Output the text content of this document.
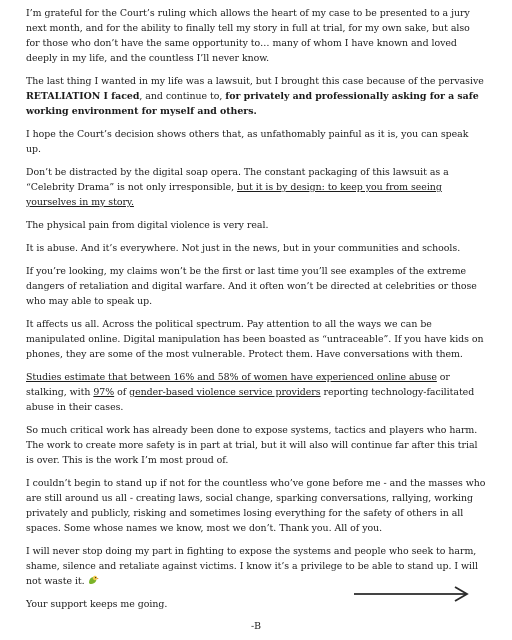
I’m grateful for the Court’s ruling which allows the heart of my case to be presented to a jury next month, and for the ability to finally tell my story in full at trial, for my own sake, but also for those who don’t have the same opportunity to… many of whom I have known and loved deeply in my life, and the countless I’ll never know.

The last thing I wanted in my life was a lawsuit, but I brought this case because of the pervasive RETALIATION I faced, and continue to, for privately and professionally asking for a safe working environment for myself and others.

I hope the Court’s decision shows others that, as unfathomably painful as it is, you can speak up.

Don’t be distracted by the digital soap opera. The constant packaging of this lawsuit as a “Celebrity Drama” is not only irresponsible, but it is by design: to keep you from seeing yourselves in my story.

The physical pain from digital violence is very real.

It is abuse. And it’s everywhere. Not just in the news, but in your communities and schools.

If you’re looking, my claims won’t be the first or last time you’ll see examples of the extreme dangers of retaliation and digital warfare. And it often won’t be directed at celebrities or those who may able to speak up.

It affects us all. Across the political spectrum. Pay attention to all the ways we can be manipulated online. Digital manipulation has been boasted as “untraceable”. If you have kids on phones, they are some of the most vulnerable. Protect them. Have conversations with them.

Studies estimate that between 16% and 58% of women have experienced online abuse or stalking, with 97% of gender-based violence service providers reporting technology-facilitated abuse in their cases.

So much critical work has already been done to expose systems, tactics and players who harm. The work to create more safety is in part at trial, but it will also will continue far after this trial is over. This is the work I’m most proud of.

I couldn’t begin to stand up if not for the countless who’ve gone before me - and the masses who are still around us all - creating laws, social change, sparking conversations, rallying, working privately and publicly, risking and sometimes losing everything for the safety of others in all spaces. Some whose names we know, most we don’t. Thank you. All of you.

I will never stop doing my part in fighting to expose the systems and people who seek to harm, shame, silence and retaliate against victims. I know it’s a privilege to be able to stand up. I will not waste it.

Your support keeps me going.

-B
